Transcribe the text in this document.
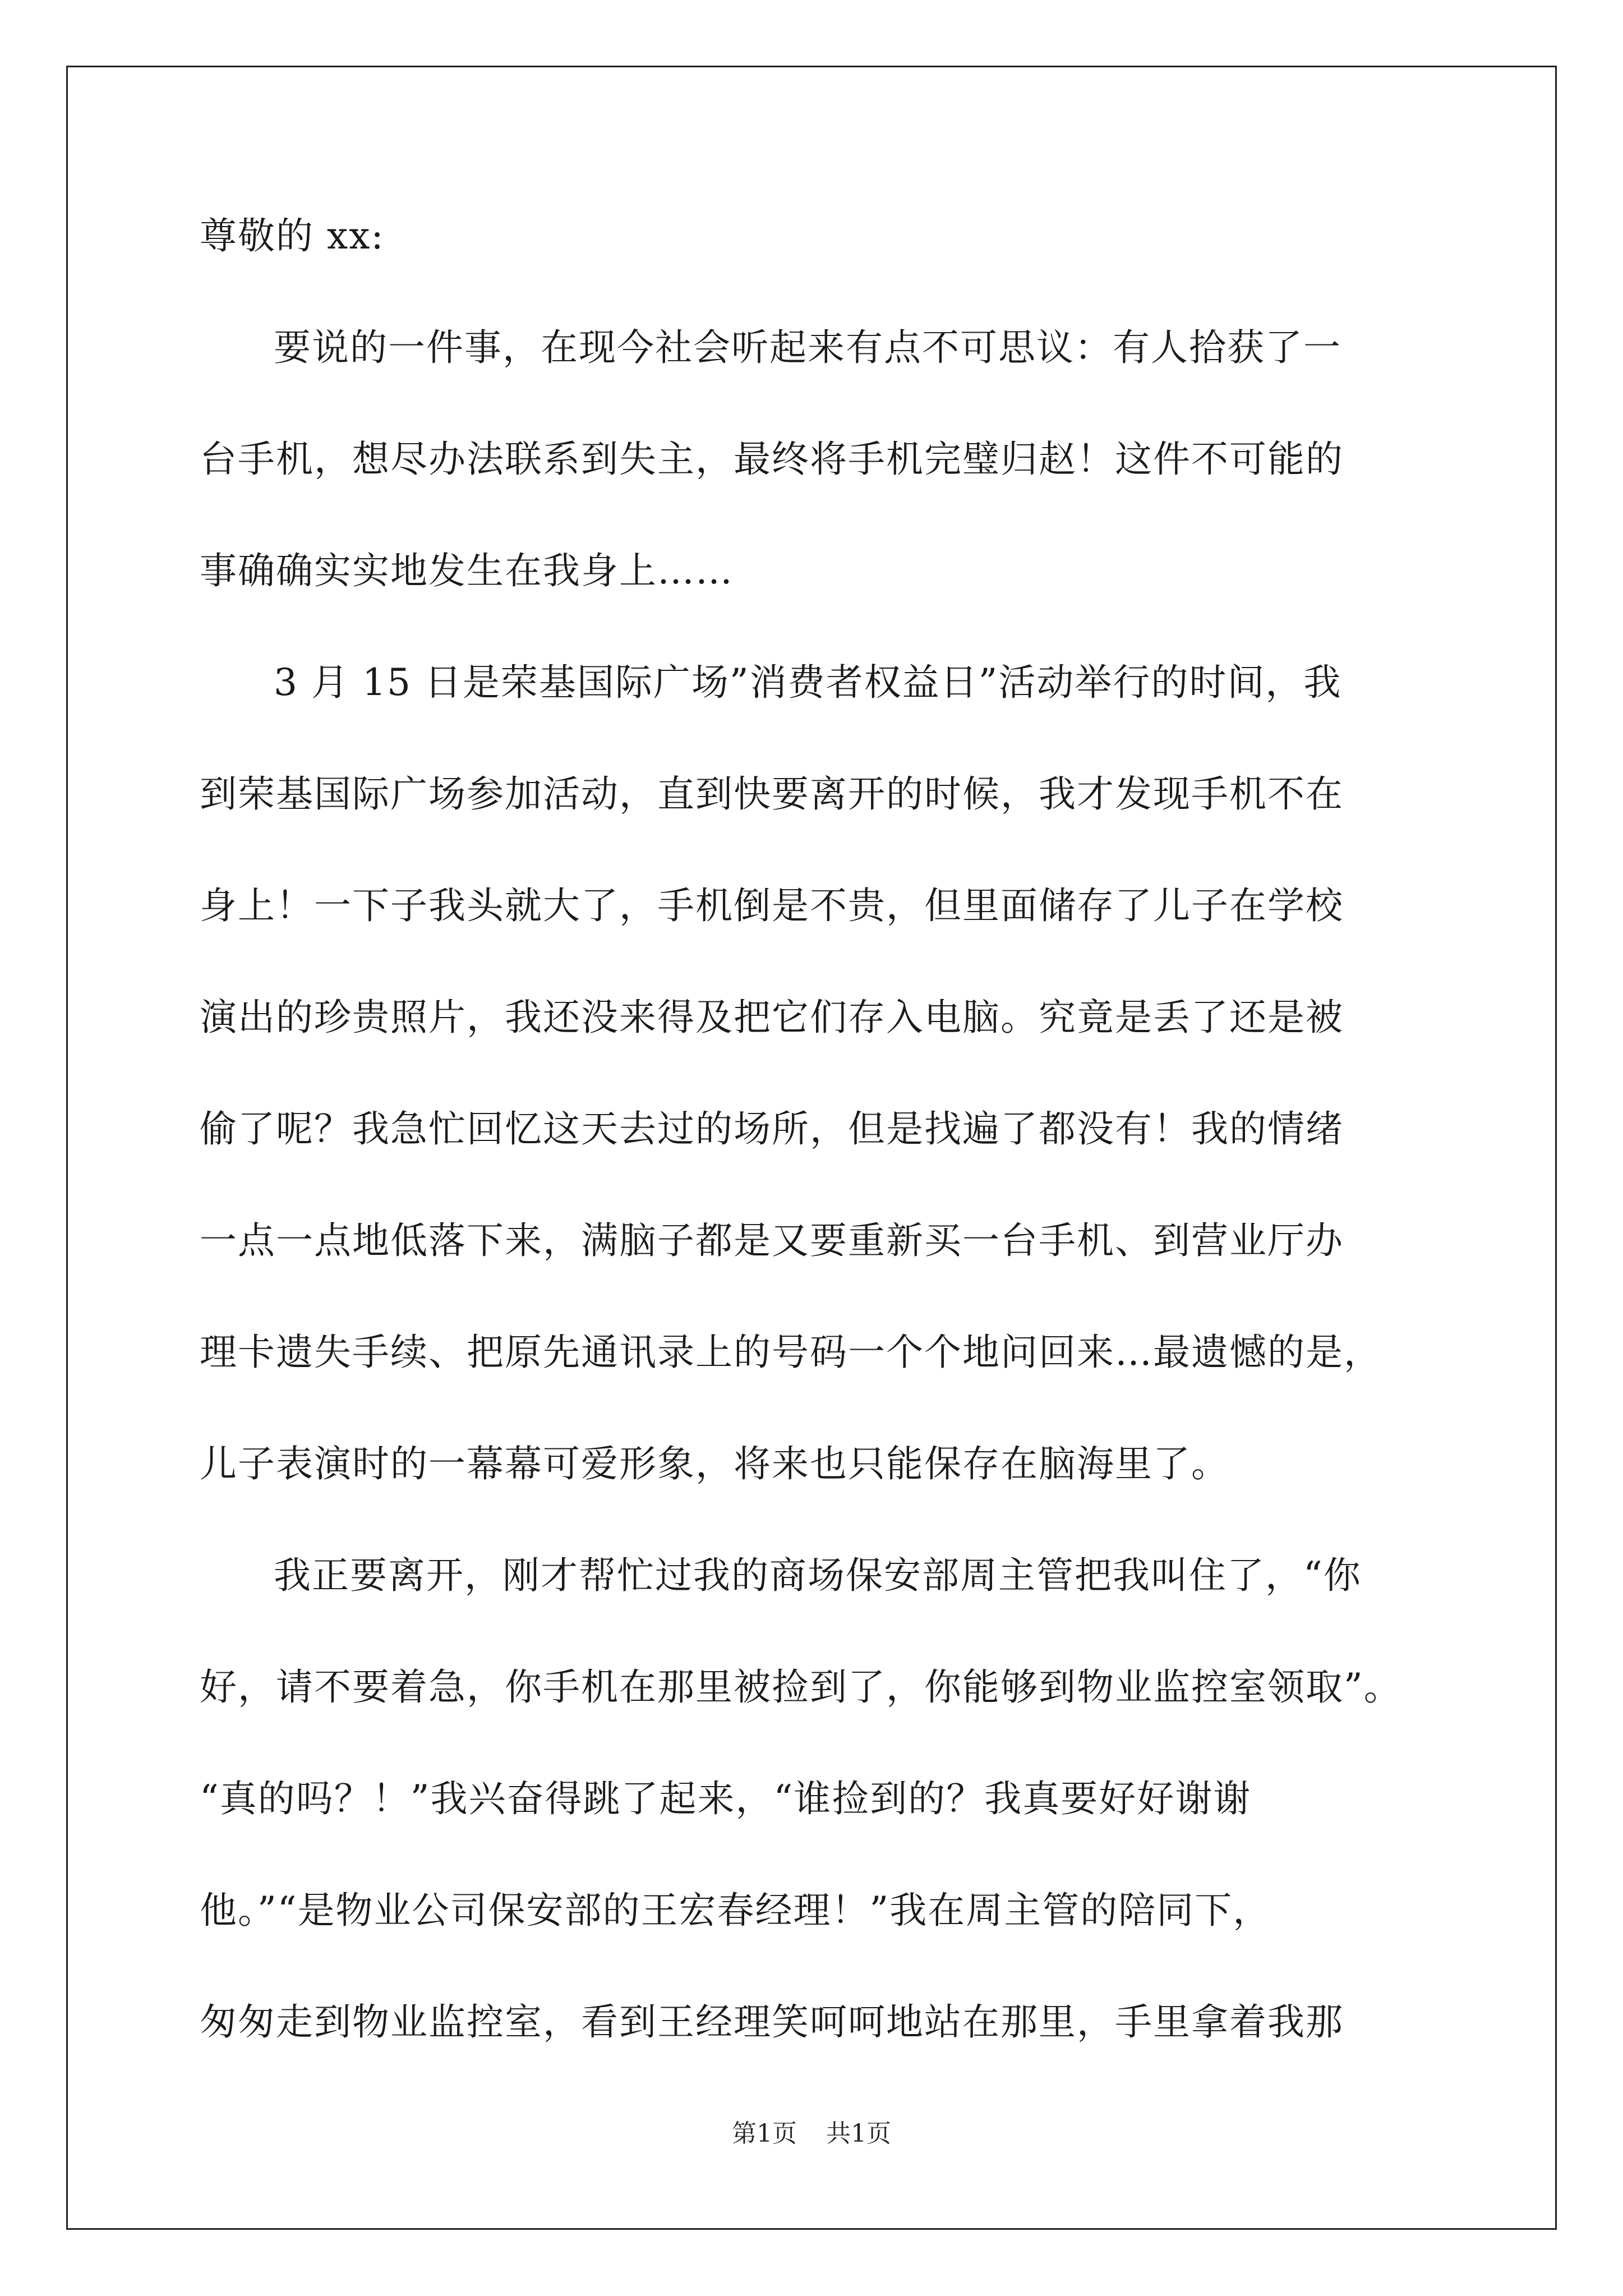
尊敬的 xx:
要说的一件事，在现今社会听起来有点不可思议：有人拾获了一
台手机，想尽办法联系到失主，最终将手机完璧归赵！这件不可能的
事确确实实地发生在我身上……
3 月 15 日是荣基国际广场”消费者权益日”活动举行的时间，我
到荣基国际广场参加活动，直到快要离开的时候，我才发现手机不在
身上！一下子我头就大了，手机倒是不贵，但里面储存了儿子在学校
演出的珍贵照片，我还没来得及把它们存入电脑。究竟是丢了还是被
偷了呢？我急忙回忆这天去过的场所，但是找遍了都没有！我的情绪
一点一点地低落下来，满脑子都是又要重新买一台手机、到营业厅办
理卡遗失手续、把原先通讯录上的号码一个个地问回来…最遗憾的是，
儿子表演时的一幕幕可爱形象，将来也只能保存在脑海里了。
我正要离开，刚才帮忙过我的商场保安部周主管把我叫住了，“你
好，请不要着急，你手机在那里被捡到了，你能够到物业监控室领取”。
“真的吗？！”我兴奋得跳了起来，“谁捡到的？我真要好好谢谢
他。”“是物业公司保安部的王宏春经理！”我在周主管的陪同下，
匆匆走到物业监控室，看到王经理笑呵呵地站在那里，手里拿着我那
第1页 共1页
